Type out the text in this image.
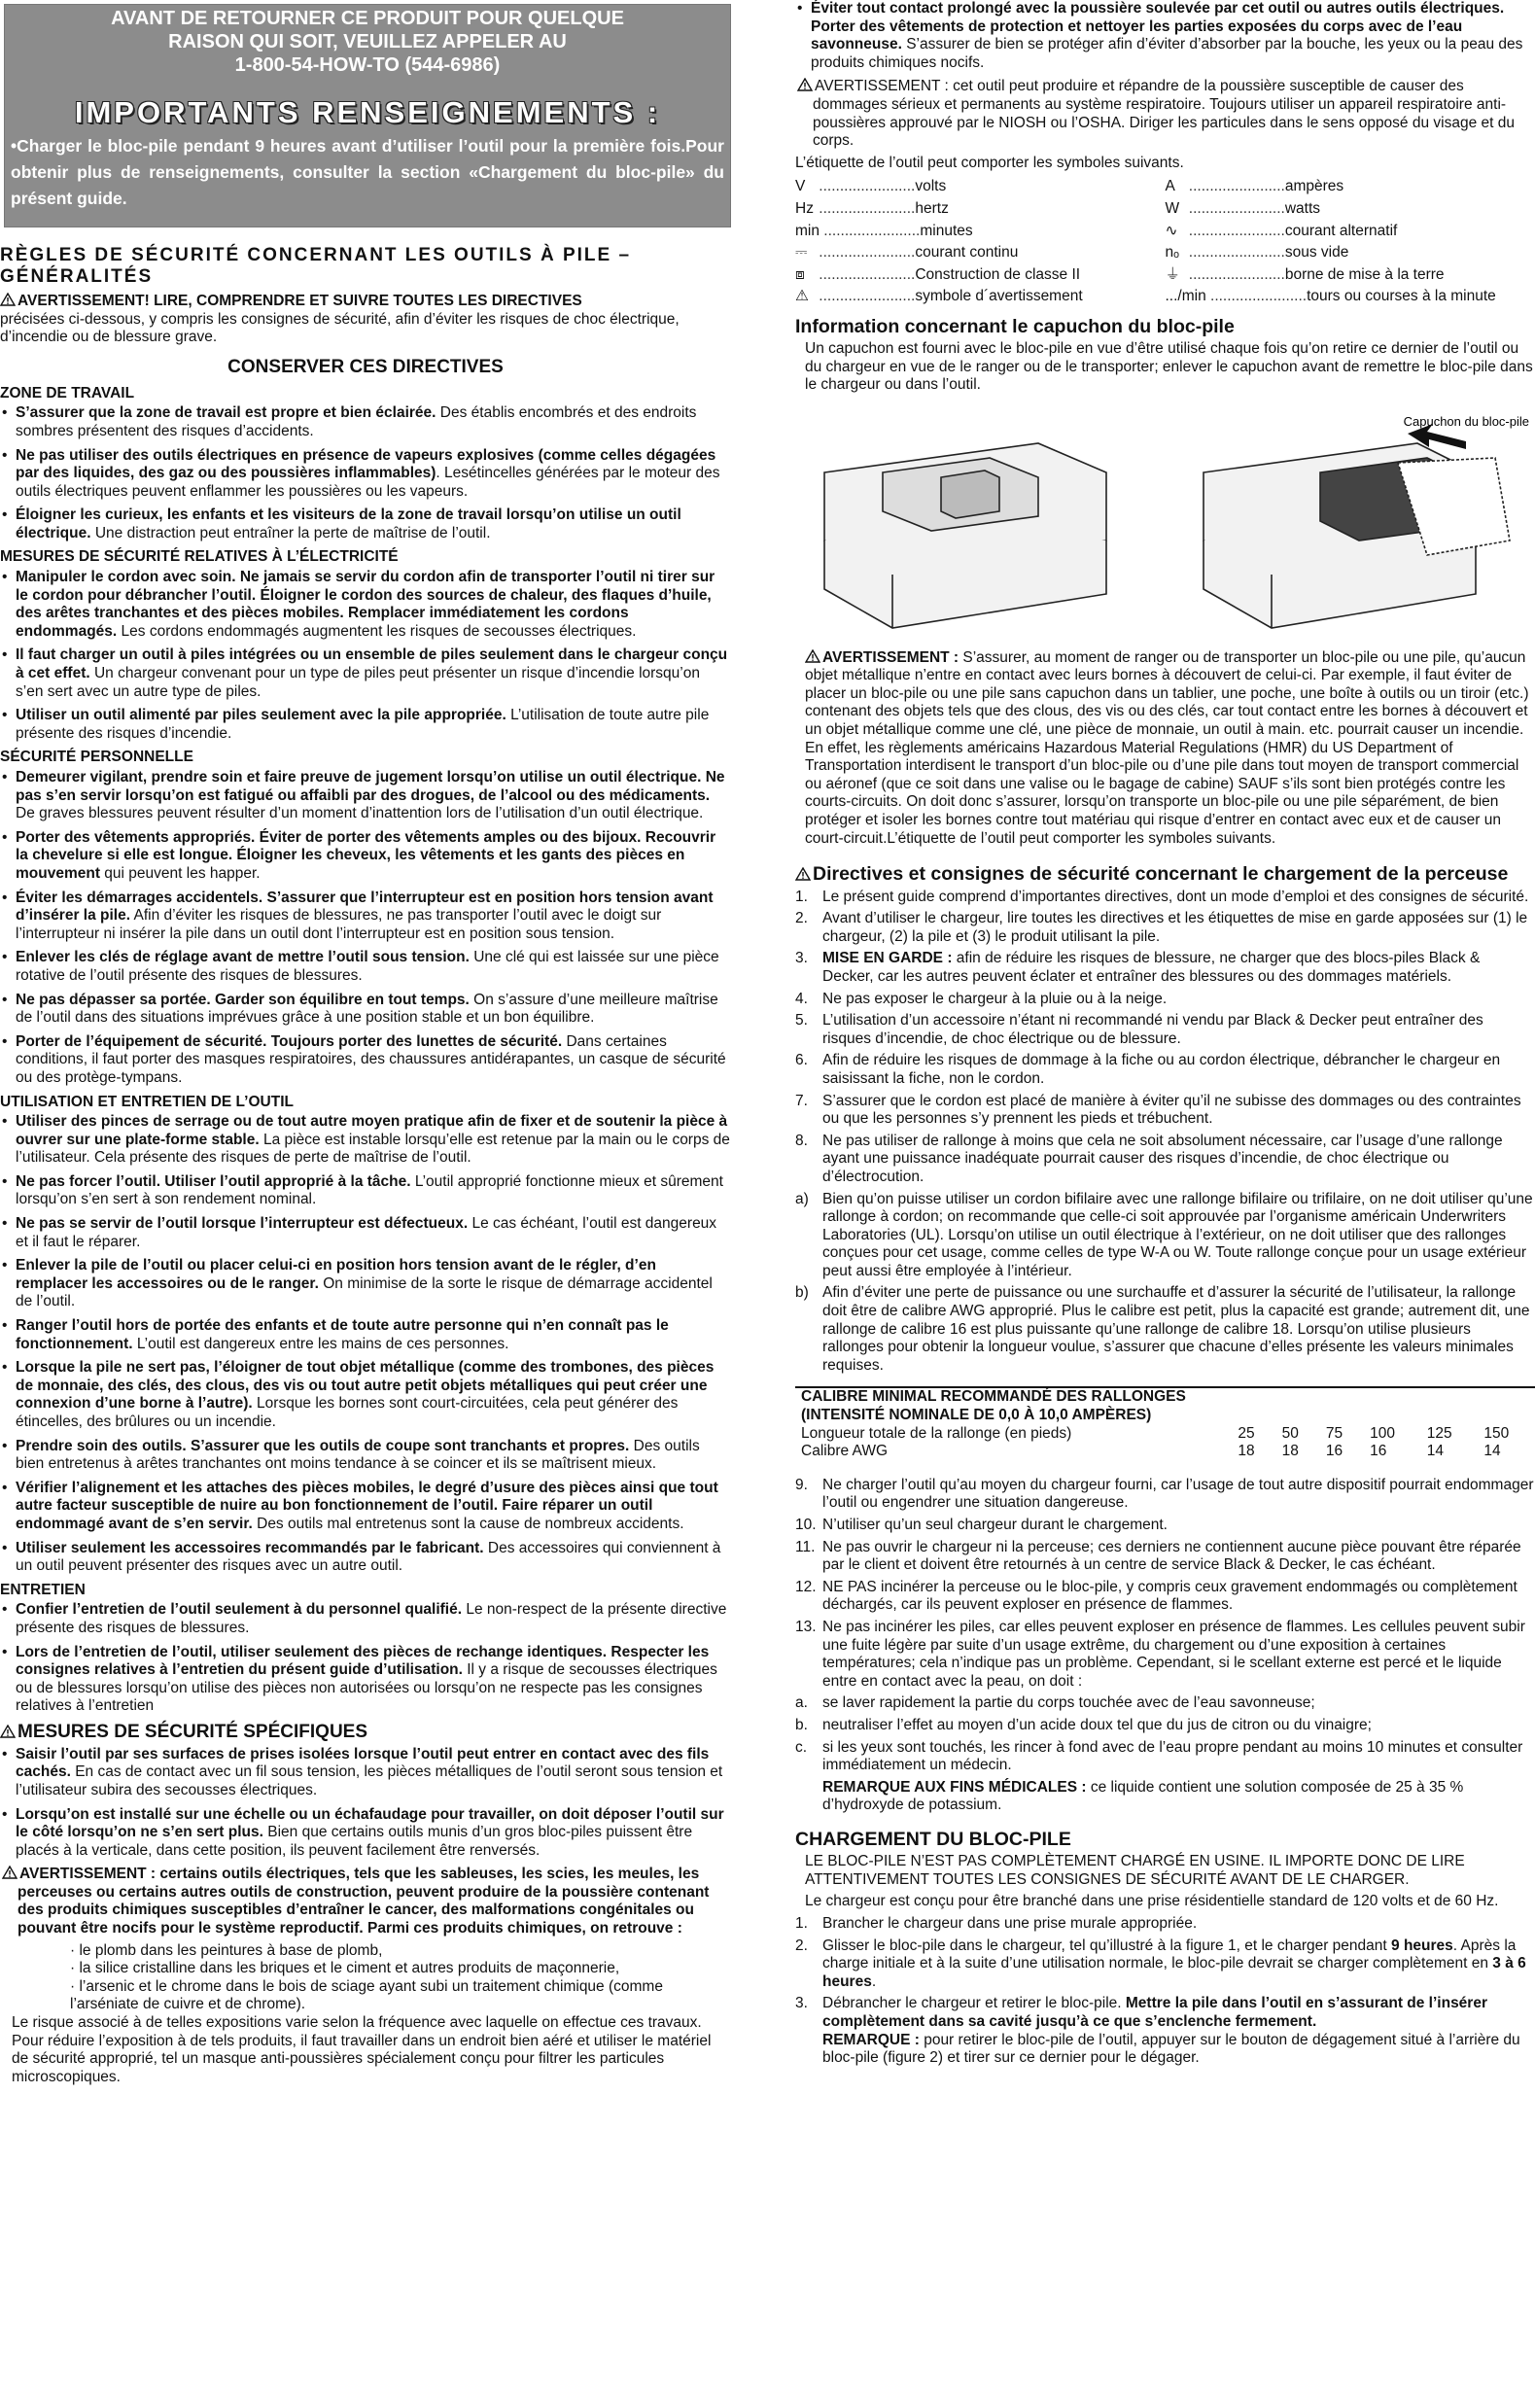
AVANT DE RETOURNER CE PRODUIT POUR QUELQUE
RAISON QUI SOIT, VEUILLEZ APPELER AU
1-800-54-HOW-TO (544-6986)
IMPORTANTS RENSEIGNEMENTS :
•Charger le bloc-pile pendant 9 heures avant d’utiliser l’outil pour la première fois.Pour obtenir plus de renseignements, consulter la section «Chargement du bloc-pile» du présent guide.
RÈGLES DE SÉCURITÉ CONCERNANT LES OUTILS À PILE – GÉNÉRALITÉS

AVERTISSEMENT! LIRE, COMPRENDRE ET SUIVRE TOUTES LES DIRECTIVES
précisées ci-dessous, y compris les consignes de sécurité, afin d’éviter les risques de choc électrique, d’incendie ou de blessure grave.

CONSERVER CES DIRECTIVES
ZONE DE TRAVAIL
• S’assurer que la zone de travail est propre et bien éclairée. Des établis encombrés et des endroits sombres présentent des risques d’accidents.
• Ne pas utiliser des outils électriques en présence de vapeurs explosives (comme celles dégagées par des liquides, des gaz ou des poussières inflammables). Lesétincelles générées par le moteur des outils électriques peuvent enflammer les poussières ou les vapeurs.
• Éloigner les curieux, les enfants et les visiteurs de la zone de travail lorsqu’on utilise un outil électrique. Une distraction peut entraîner la perte de maîtrise de l’outil.
MESURES DE SÉCURITÉ RELATIVES À L’ÉLECTRICITÉ
• Manipuler le cordon avec soin. Ne jamais se servir du cordon afin de transporter l’outil ni tirer sur le cordon pour débrancher l’outil. Éloigner le cordon des sources de chaleur, des flaques d’huile, des arêtes tranchantes et des pièces mobiles. Remplacer immédiatement les cordons endommagés. Les cordons endommagés augmentent les risques de secousses électriques.
• Il faut charger un outil à piles intégrées ou un ensemble de piles seulement dans le chargeur conçu à cet effet. Un chargeur convenant pour un type de piles peut présenter un risque d’incendie lorsqu’on s’en sert avec un autre type de piles.
• Utiliser un outil alimenté par piles seulement avec la pile appropriée. L’utilisation de toute autre pile présente des risques d’incendie.
SÉCURITÉ PERSONNELLE
• Demeurer vigilant, prendre soin et faire preuve de jugement lorsqu’on utilise un outil électrique. Ne pas s’en servir lorsqu’on est fatigué ou affaibli par des drogues, de l’alcool ou des médicaments. De graves blessures peuvent résulter d’un moment d’inattention lors de l’utilisation d’un outil électrique.
• Porter des vêtements appropriés. Éviter de porter des vêtements amples ou des bijoux. Recouvrir la chevelure si elle est longue. Éloigner les cheveux, les vêtements et les gants des pièces en mouvement qui peuvent les happer.
• Éviter les démarrages accidentels. S’assurer que l’interrupteur est en position hors tension avant d’insérer la pile. Afin d’éviter les risques de blessures, ne pas transporter l’outil avec le doigt sur l’interrupteur ni insérer la pile dans un outil dont l’interrupteur est en position sous tension.
• Enlever les clés de réglage avant de mettre l’outil sous tension. Une clé qui est laissée sur une pièce rotative de l’outil présente des risques de blessures.
• Ne pas dépasser sa portée. Garder son équilibre en tout temps. On s’assure d’une meilleure maîtrise de l’outil dans des situations imprévues grâce à une position stable et un bon équilibre.
• Porter de l’équipement de sécurité. Toujours porter des lunettes de sécurité. Dans certaines conditions, il faut porter des masques respiratoires, des chaussures antidérapantes, un casque de sécurité ou des protège-tympans.
UTILISATION ET ENTRETIEN DE L’OUTIL
• Utiliser des pinces de serrage ou de tout autre moyen pratique afin de fixer et de soutenir la pièce à ouvrer sur une plate-forme stable. La pièce est instable lorsqu’elle est retenue par la main ou le corps de l’utilisateur. Cela présente des risques de perte de maîtrise de l’outil.
• Ne pas forcer l’outil. Utiliser l’outil approprié à la tâche. L’outil approprié fonctionne mieux et sûrement lorsqu’on s’en sert à son rendement nominal.
• Ne pas se servir de l’outil lorsque l’interrupteur est défectueux. Le cas échéant, l’outil est dangereux et il faut le réparer.
• Enlever la pile de l’outil ou placer celui-ci en position hors tension avant de le régler, d’en remplacer les accessoires ou de le ranger. On minimise de la sorte le risque de démarrage accidentel de l’outil.
• Ranger l’outil hors de portée des enfants et de toute autre personne qui n’en connaît pas le fonctionnement. L’outil est dangereux entre les mains de ces personnes.
• Lorsque la pile ne sert pas, l’éloigner de tout objet métallique (comme des trombones, des pièces de monnaie, des clés, des clous, des vis ou tout autre petit objets métalliques qui peut créer une connexion d’une borne à l’autre). Lorsque les bornes sont court-circuitées, cela peut générer des étincelles, des brûlures ou un incendie.
• Prendre soin des outils. S’assurer que les outils de coupe sont tranchants et propres. Des outils bien entretenus à arêtes tranchantes ont moins tendance à se coincer et ils se maîtrisent mieux.
• Vérifier l’alignement et les attaches des pièces mobiles, le degré d’usure des pièces ainsi que tout autre facteur susceptible de nuire au bon fonctionnement de l’outil. Faire réparer un outil endommagé avant de s’en servir. Des outils mal entretenus sont la cause de nombreux accidents.
• Utiliser seulement les accessoires recommandés par le fabricant. Des accessoires qui conviennent à un outil peuvent présenter des risques avec un autre outil.
ENTRETIEN
• Confier l’entretien de l’outil seulement à du personnel qualifié. Le non-respect de la présente directive présente des risques de blessures.
• Lors de l’entretien de l’outil, utiliser seulement des pièces de rechange identiques. Respecter les consignes relatives à l’entretien du présent guide d’utilisation. Il y a risque de secousses électriques ou de blessures lorsqu’on utilise des pièces non autorisées ou lorsqu’on ne respecte pas les consignes relatives à l’entretien
MESURES DE SÉCURITÉ SPÉCIFIQUES
• Saisir l’outil par ses surfaces de prises isolées lorsque l’outil peut entrer en contact avec des fils cachés. En cas de contact avec un fil sous tension, les pièces métalliques de l’outil seront sous tension et l’utilisateur subira des secousses électriques.
• Lorsqu’on est installé sur une échelle ou un échafaudage pour travailler, on doit déposer l’outil sur le côté lorsqu’on ne s’en sert plus. Bien que certains outils munis d’un gros bloc-piles puissent être placés à la verticale, dans cette position, ils peuvent facilement être renversés.

AVERTISSEMENT : certains outils électriques, tels que les sableuses, les scies, les meules, les perceuses ou certains autres outils de construction, peuvent produire de la poussière contenant des produits chimiques susceptibles d’entraîner le cancer, des malformations congénitales ou pouvant être nocifs pour le système reproductif. Parmi ces produits chimiques, on retrouve :

· le plomb dans les peintures à base de plomb,
· la silice cristalline dans les briques et le ciment et autres produits de maçonnerie,
· l’arsenic et le chrome dans le bois de sciage ayant subi un traitement chimique (comme l’arséniate de cuivre et de chrome).

Le risque associé à de telles expositions varie selon la fréquence avec laquelle on effectue ces travaux. Pour réduire l’exposition à de tels produits, il faut travailler dans un endroit bien aéré et utiliser le matériel de sécurité approprié, tel un masque anti-poussières spécialement conçu pour filtrer les particules microscopiques.

• Éviter tout contact prolongé avec la poussière soulevée par cet outil ou autres outils électriques. Porter des vêtements de protection et nettoyer les parties exposées du corps avec de l’eau savonneuse. S’assurer de bien se protéger afin d’éviter d’absorber par la bouche, les yeux ou la peau des produits chimiques nocifs.

AVERTISSEMENT : cet outil peut produire et répandre de la poussière susceptible de causer des dommages sérieux et permanents au système respiratoire. Toujours utiliser un appareil respiratoire anti-poussières approuvé par le NIOSH ou l’OSHA. Diriger les particules dans le sens opposé du visage et du corps.

L’étiquette de l’outil peut comporter les symboles suivants.

V .......................volts	A .......................ampères
Hz .......................hertz	W .......................watts
min .......................minutes	∿ .......................courant alternatif
⎓ .......................courant continu	nₒ .......................sous vide
⧈ .......................Construction de classe II	⏚ .......................borne de mise à la terre
⚠ .......................symbole d´avertissement	.../min .......................tours ou courses à la minute
Information concernant le capuchon du bloc-pile

Un capuchon est fourni avec le bloc-pile en vue d’être utilisé chaque fois qu’on retire ce dernier de l’outil ou du chargeur en vue de le ranger ou de le transporter; enlever le capuchon avant de remettre le bloc-pile dans le chargeur ou dans l’outil.

Capuchon du bloc-pile

AVERTISSEMENT : S’assurer, au moment de ranger ou de transporter un bloc-pile ou une pile, qu’aucun objet métallique n’entre en contact avec leurs bornes à découvert de celui-ci. Par exemple, il faut éviter de placer un bloc-pile ou une pile sans capuchon dans un tablier, une poche, une boîte à outils ou un tiroir (etc.) contenant des objets tels que des clous, des vis ou des clés, car tout contact entre les bornes à découvert et un objet métallique comme une clé, une pièce de monnaie, un outil à main. etc. pourrait causer un incendie. En effet, les règlements américains Hazardous Material Regulations (HMR) du US Department of Transportation interdisent le transport d’un bloc-pile ou d’une pile dans tout moyen de transport commercial ou aéronef (que ce soit dans une valise ou le bagage de cabine) SAUF s’ils sont bien protégés contre les courts-circuits. On doit donc s’assurer, lorsqu’on transporte un bloc-pile ou une pile séparément, de bien protéger et isoler les bornes contre tout matériau qui risque d’entrer en contact avec eux et de causer un court-circuit.L’étiquette de l’outil peut comporter les symboles suivants.

Directives et consignes de sécurité concernant le chargement de la perceuse
1. Le présent guide comprend d’importantes directives, dont un mode d’emploi et des consignes de sécurité.
2. Avant d’utiliser le chargeur, lire toutes les directives et les étiquettes de mise en garde apposées sur (1) le chargeur, (2) la pile et (3) le produit utilisant la pile.
3. MISE EN GARDE : afin de réduire les risques de blessure, ne charger que des blocs-piles Black & Decker, car les autres peuvent éclater et entraîner des blessures ou des dommages matériels.
4. Ne pas exposer le chargeur à la pluie ou à la neige.
5. L’utilisation d’un accessoire n’étant ni recommandé ni vendu par Black & Decker peut entraîner des risques d’incendie, de choc électrique ou de blessure.
6. Afin de réduire les risques de dommage à la fiche ou au cordon électrique, débrancher le chargeur en saisissant la fiche, non le cordon.
7. S’assurer que le cordon est placé de manière à éviter qu’il ne subisse des dommages ou des contraintes ou que les personnes s’y prennent les pieds et trébuchent.
8. Ne pas utiliser de rallonge à moins que cela ne soit absolument nécessaire, car l’usage d’une rallonge ayant une puissance inadéquate pourrait causer des risques d’incendie, de choc électrique ou d’électrocution.
a) Bien qu’on puisse utiliser un cordon bifilaire avec une rallonge bifilaire ou trifilaire, on ne doit utiliser qu’une rallonge à cordon; on recommande que celle-ci soit approuvée par l’organisme américain Underwriters Laboratories (UL). Lorsqu’on utilise un outil électrique à l’extérieur, on ne doit utiliser que des rallonges conçues pour cet usage, comme celles de type W-A ou W. Toute rallonge conçue pour un usage extérieur peut aussi être employée à l’intérieur.
b) Afin d’éviter une perte de puissance ou une surchauffe et d’assurer la sécurité de l’utilisateur, la rallonge doit être de calibre AWG approprié. Plus le calibre est petit, plus la capacité est grande; autrement dit, une rallonge de calibre 16 est plus puissante qu’une rallonge de calibre 18. Lorsqu’on utilise plusieurs rallonges pour obtenir la longueur voulue, s’assurer que chacune d’elles présente les valeurs minimales requises.
CALIBRE MINIMAL RECOMMANDÉ DES RALLONGES						
(INTENSITÉ NOMINALE DE 0,0 À 10,0 AMPÈRES)						
Longueur totale de la rallonge (en pieds)	25	50	75	100	125	150
Calibre AWG	18	18	16	16	14	14
9. Ne charger l’outil qu’au moyen du chargeur fourni, car l’usage de tout autre dispositif pourrait endommager l’outil ou engendrer une situation dangereuse.
10. N’utiliser qu’un seul chargeur durant le chargement.
11. Ne pas ouvrir le chargeur ni la perceuse; ces derniers ne contiennent aucune pièce pouvant être réparée par le client et doivent être retournés à un centre de service Black & Decker, le cas échéant.
12. NE PAS incinérer la perceuse ou le bloc-pile, y compris ceux gravement endommagés ou complètement déchargés, car ils peuvent exploser en présence de flammes.
13. Ne pas incinérer les piles, car elles peuvent exploser en présence de flammes. Les cellules peuvent subir une fuite légère par suite d’un usage extrême, du chargement ou d’une exposition à certaines températures; cela n’indique pas un problème. Cependant, si le scellant externe est percé et le liquide entre en contact avec la peau, on doit :
a. se laver rapidement la partie du corps touchée avec de l’eau savonneuse;
b. neutraliser l’effet au moyen d’un acide doux tel que du jus de citron ou du vinaigre;
c. si les yeux sont touchés, les rincer à fond avec de l’eau propre pendant au moins 10 minutes et consulter immédiatement un médecin.

REMARQUE AUX FINS MÉDICALES : ce liquide contient une solution composée de 25 à 35 % d’hydroxyde de potassium.

CHARGEMENT DU BLOC-PILE

LE BLOC-PILE N’EST PAS COMPLÈTEMENT CHARGÉ EN USINE. IL IMPORTE DONC DE LIRE ATTENTIVEMENT TOUTES LES CONSIGNES DE SÉCURITÉ AVANT DE LE CHARGER.

Le chargeur est conçu pour être branché dans une prise résidentielle standard de 120 volts et de 60 Hz.

1. Brancher le chargeur dans une prise murale appropriée.
2. Glisser le bloc-pile dans le chargeur, tel qu’illustré à la figure 1, et le charger pendant 9 heures. Après la charge initiale et à la suite d’une utilisation normale, le bloc-pile devrait se charger complètement en 3 à 6 heures.
3. Débrancher le chargeur et retirer le bloc-pile. Mettre la pile dans l’outil en s’assurant de l’insérer complètement dans sa cavité jusqu’à ce que s’enclenche fermement.
REMARQUE : pour retirer le bloc-pile de l’outil, appuyer sur le bouton de dégagement situé à l’arrière du bloc-pile (figure 2) et tirer sur ce dernier pour le dégager.
